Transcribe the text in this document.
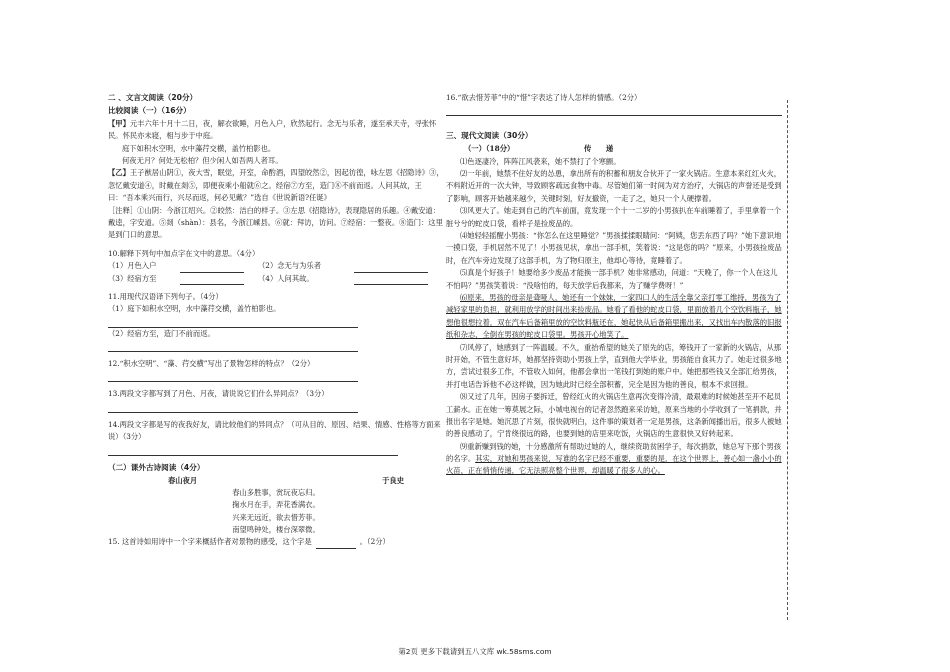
二 、文言文阅读（20分）

比较阅读（一）（16分）

【甲】元丰六年十月十二日，夜，解衣欲睡，月色入户，欣然起行。念无与乐者，遂至承天寺，寻张怀民。怀民亦未寝，相与步于中庭。

庭下如积水空明，水中藻荇交横，盖竹柏影也。

何夜无月？何处无松柏？但少闲人如吾两人者耳。

【乙】王子猷居山阴①，夜大雪，眠觉，开室，命酌酒，四望皎然②，因起彷徨，咏左思《招隐诗》③，忽忆戴安道④，时戴在剡⑤，即便夜乘小船就⑥之。经宿⑦方至，造门⑧不前而返。人问其故，王曰：“吾本乘兴而行，兴尽而返，何必见戴？”选自《世说新语?任诞》

［注释］①山阴：今浙江绍兴。②皎然：洁白的样子。③左思《招隐诗》，表现隐居的乐趣。④戴安道：戴逵，字安道。⑤剡（shàn）：县名，今浙江嵊县。⑥就：拜访，访问。⑦经宿：一整夜。⑧造门：这里是到门口的意思。

10.解释下列句中加点字在文中的意思。（4分）

（1）月色入户	（2）念无与为乐者
（3）经宿方至	（4）人问其故。

11.用现代汉语译下列句子。（4分）

（1）庭下如积水空明，水中藻荇交横，盖竹柏影也。

（2）经宿方至，造门不前而返。

12.“积水空明”、“藻、荇交横”写出了景物怎样的特点？（2分）

13.两段文字都写到了月色、月夜，请说说它们什么异同点？（3分）

14.两段文字都是写的夜我好友，请比较他们的异同点？（可从目的、原因、结果、情感、性格等方面来说）（3分）

（二）课外古诗阅读（4分）

春山夜月	于良史

春山多胜事，赏玩夜忘归。

掬水月在手，弄花香满衣。

兴来无远近，欲去惜芳菲。

南望鸣钟处，楼台深翠微。

15. 这首诗如用诗中一个字来概括作者对景物的感受，这个字是	。（2分）

16.“欲去惜芳菲”中的“惜”字表达了诗人怎样的情感。（2分）

三、现代文阅读（30分）

（一）（18分）	传　　递

⑴色逐凄冷，阵阵江风袭来，她不禁打了个寒颤。

⑵一年前，她禁不住好友的怂恿，拿出所有的积蓄和朋友合伙开了一家火锅店。生意本来红红火火，不料附近开的一次大钟，导致顾客疏远食物中毒。尽管她们第一时间为对方治疗，大锅店的声誉还是受到了影响，顾客开始越来越少，关键时刻，好友撤资，一走了之，她只一个人硬撑着。

⑶风更大了。她走到自己的汽车前面，竟发现一个十一二岁的小男孩扒在车前睡着了，手里拿着一个脏兮兮的蛇皮口袋，看样子是捡废品的。

⑷她轻轻摇醒小男孩：“你怎么在这里睡觉？”男孩揉揉眼睛问：“阿姨，您丢东西了吗？”她下意识地一摸口袋，手机居然不见了！小男孩见状，拿出一部手机，笑着说：“这是您的吗？”原来，小男孩捡废品时，在汽车旁边发现了这部手机，为了物归原主，他却心等待，竟睡着了。

⑸真是个好孩子！她要给多少废品才能换一部手机？她非常感动，问道：“天晚了，你一个人在这儿不怕吗？”男孩笑着说：“没啥怕的，每天放学后我都来，为了赚学费呀！”

⑹原来，男孩的母亲是聋哑人，她还有一个妹妹，一家四口人的生活全靠父亲打零工维持，男孩为了减轻家里的负担，就利用放学的时间出来捡废品。她看了看他的蛇皮口袋，里面放着几个空饮料瓶子，她想他很想拉着，双在汽车后备箱里放的空饮料瓶还在，她起快从后备箱里搬出来，又找出车内散落的旧报纸和杂志，全倒在男孩的蛇皮口袋里。男孩开心地笑了。

⑺风停了，她感到了一阵温暖。不久，重抬希望的她关了原先的店，筹钱开了一家新的火锅店，从那时开始，不管生意好坏，她都坚持资助小男孩上学，直到他大学毕业，男孩能自食其力了。她走过很多地方，尝试过很多工作，不管收入如何，他都会拿出一笔钱打到她的账户中。她把那些钱又全部汇给男孩，并打电话告诉他不必这样做，因为她此时已经全部积蓄，完全是因为他的善良，根本不求回报。

⑻又过了几年，因房子要拆迁，曾经红火的火锅店生意再次变得冷清，最艰难的时候她甚至开不起员工薪水。正在她一筹莫展之际，小城电视台的记者忽然跑来采访她，原来当地的小学收到了一笔捐款，并报出名字是她。她沉思了片刻，很快就明白，这件事的策划者一定是男孩，这条新闻播出后，很多人被她的善良感动了，宁肯绕很远的路，也要到她的店里来吃饭，火锅店的生意很快又好转起来。

⑼重新赚到钱的她，十分感激所有帮助过她的人，继续资助贫困学子，每次捐款，她总写下那个男孩的名字。其实，对她和男孩来说，写谁的名字已经不重要，重要的是，在这个世界上，善心如一盏小小的火苗，正在悄悄传递，它无法照亮整个世界，却温暖了很多人的心。

第2页 更多下载请到五八文库 wk.58sms.com
